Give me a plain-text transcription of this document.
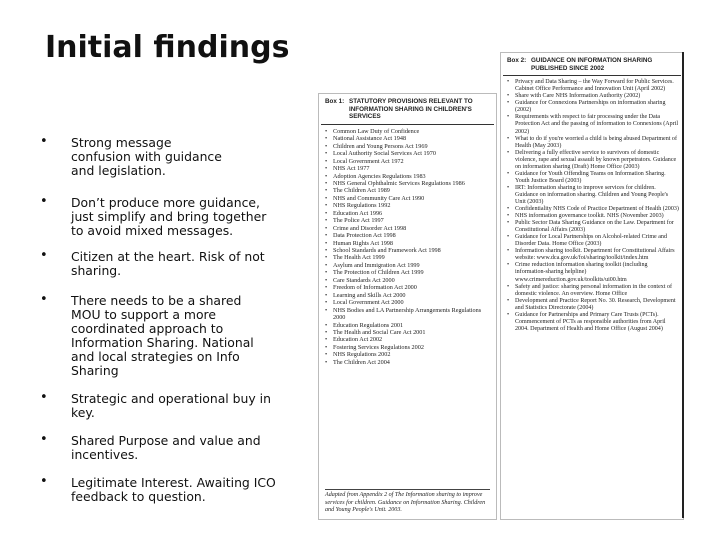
Initial findings
• Strong message
confusion with guidance
and legislation.
• Don’t produce more guidance,
just simplify and bring together
to avoid mixed messages.
• Citizen at the heart. Risk of not
sharing.
• There needs to be a shared
MOU to support a more
coordinated approach to
Information Sharing. National
and local strategies on Info
Sharing
• Strategic and operational buy in
key.
• Shared Purpose and value and
incentives.
• Legitimate Interest. Awaiting ICO
feedback to question.
Box 1: STATUTORY PROVISIONS RELEVANT TO INFORMATION SHARING IN CHILDREN'S SERVICES
• Common Law Duty of Confidence
• National Assistance Act 1948
• Children and Young Persons Act 1969
• Local Authority Social Services Act 1970
• Local Government Act 1972
• NHS Act 1977
• Adoption Agencies Regulations 1983
• NHS General Ophthalmic Services Regulations 1986
• The Children Act 1989
• NHS and Community Care Act 1990
• NHS Regulations 1992
• Education Act 1996
• The Police Act 1997
• Crime and Disorder Act 1998
• Data Protection Act 1998
• Human Rights Act 1998
• School Standards and Framework Act 1998
• The Health Act 1999
• Asylum and Immigration Act 1999
• The Protection of Children Act 1999
• Care Standards Act 2000
• Freedom of Information Act 2000
• Learning and Skills Act 2000
• Local Government Act 2000
• NHS Bodies and LA Partnership Arrangements Regulations 2000
• Education Regulations 2001
• The Health and Social Care Act 2001
• Education Act 2002
• Fostering Services Regulations 2002
• NHS Regulations 2002
• The Children Act 2004
Adapted from Appendix 2 of The Information sharing to improve services for children. Guidance on Information Sharing. Children and Young People's Unit. 2003.
Box 2: GUIDANCE ON INFORMATION SHARING PUBLISHED SINCE 2002
• Privacy and Data Sharing – the Way Forward for Public Services. Cabinet Office Performance and Innovation Unit (April 2002)
• Share with Care NHS Information Authority (2002)
• Guidance for Connexions Partnerships on information sharing (2002)
• Requirements with respect to fair processing under the Data Protection Act and the passing of information to Connexions (April 2002)
• What to do if you're worried a child is being abused Department of Health (May 2003)
• Delivering a fully effective service to survivors of domestic violence, rape and sexual assault by known perpetrators. Guidance on information sharing (Draft) Home Office (2003)
• Guidance for Youth Offending Teams on Information Sharing. Youth Justice Board (2003)
• IRT: Information sharing to improve services for children. Guidance on information sharing. Children and Young People's Unit (2003)
• Confidentiality NHS Code of Practice Department of Health (2003)
• NHS information governance toolkit. NHS (November 2003)
• Public Sector Data Sharing Guidance on the Law. Department for Constitutional Affairs (2003)
• Guidance for Local Partnerships on Alcohol-related Crime and Disorder Data. Home Office (2003)
• Information sharing toolkit. Department for Constitutional Affairs website: www.dca.gov.uk/foi/sharing/toolkit/index.htm
• Crime reduction information sharing toolkit (including information-sharing helpline) www.crimereduction.gov.uk/toolkits/ui00.htm
• Safety and justice: sharing personal information in the context of domestic violence. An overview. Home Office
• Development and Practice Report No. 30. Research, Development and Statistics Directorate (2004)
• Guidance for Partnerships and Primary Care Trusts (PCTs). Commencement of PCTs as responsible authorities from April 2004. Department of Health and Home Office (August 2004)
